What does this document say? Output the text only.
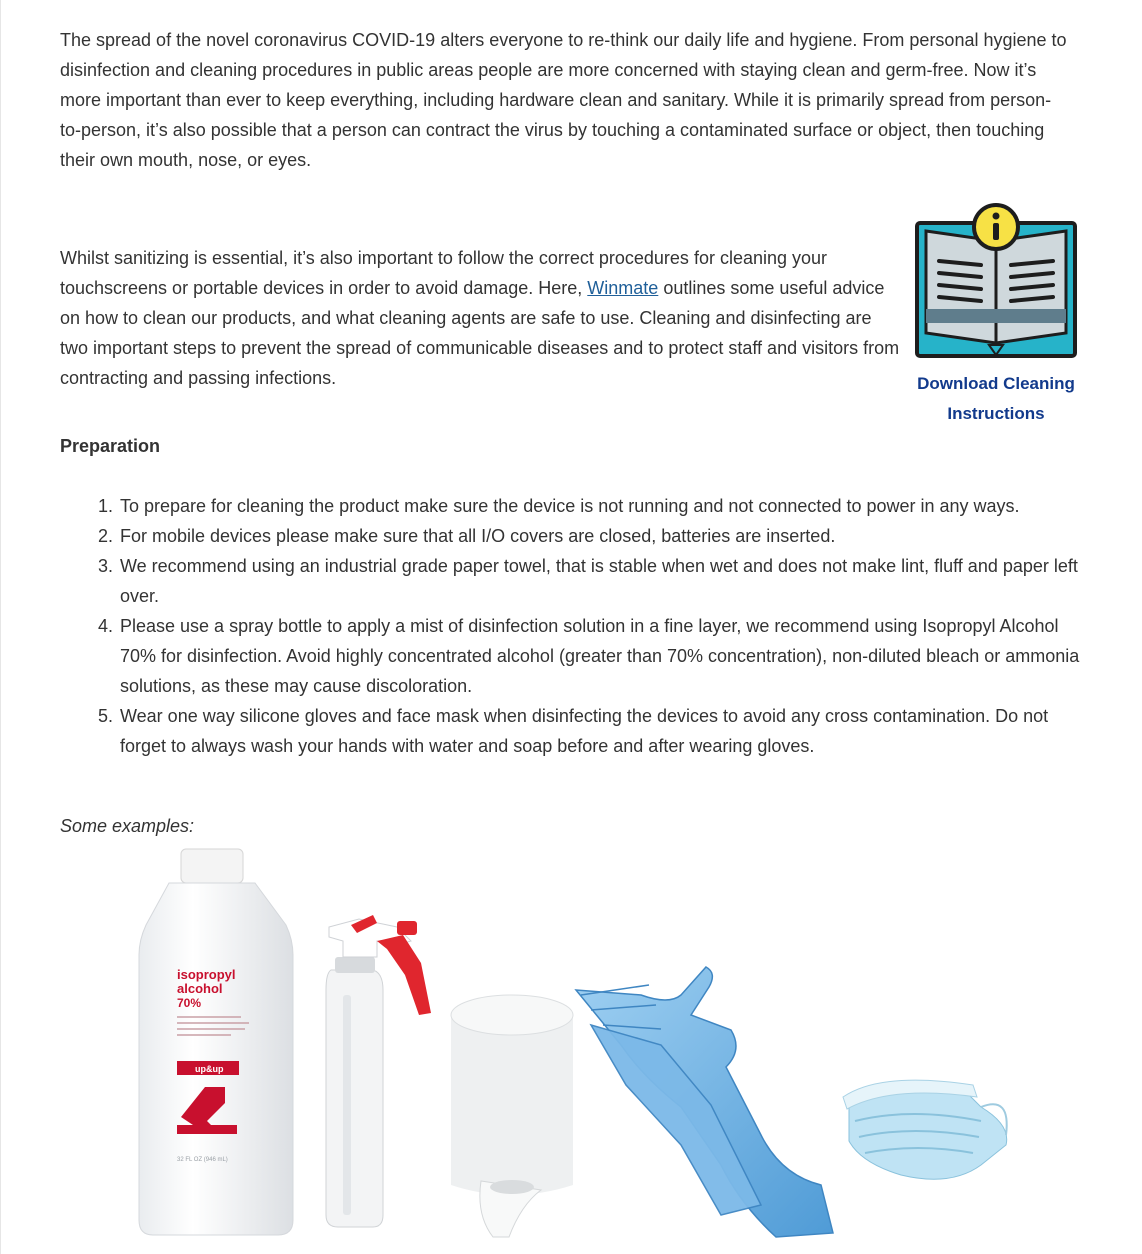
The spread of the novel coronavirus COVID-19 alters everyone to re-think our daily life and hygiene. From personal hygiene to disinfection and cleaning procedures in public areas people are more concerned with staying clean and germ-free. Now it’s more important than ever to keep everything, including hardware clean and sanitary. While it is primarily spread from person-to-person, it’s also possible that a person can contract the virus by touching a contaminated surface or object, then touching their own mouth, nose, or eyes.

Whilst sanitizing is essential, it’s also important to follow the correct procedures for cleaning your touchscreens or portable devices in order to avoid damage. Here, Winmate outlines some useful advice on how to clean our products, and what cleaning agents are safe to use. Cleaning and disinfecting are two important steps to prevent the spread of communicable diseases and to protect staff and visitors from contracting and passing infections.	Download Cleaning
Instructions
Preparation
1. To prepare for cleaning the product make sure the device is not running and not connected to power in any ways.
2. For mobile devices please make sure that all I/O covers are closed, batteries are inserted.
3. We recommend using an industrial grade paper towel, that is stable when wet and does not make lint, fluff and paper left over.
4. Please use a spray bottle to apply a mist of disinfection solution in a fine layer, we recommend using Isopropyl Alcohol 70% for disinfection. Avoid highly concentrated alcohol (greater than 70% concentration), non-diluted bleach or ammonia solutions, as these may cause discoloration.
5. Wear one way silicone gloves and face mask when disinfecting the devices to avoid any cross contamination. Do not forget to always wash your hands with water and soap before and after wearing gloves.
Some examples:
isopropyl
alcohol
70%
up&up
32 FL OZ (946 mL)
